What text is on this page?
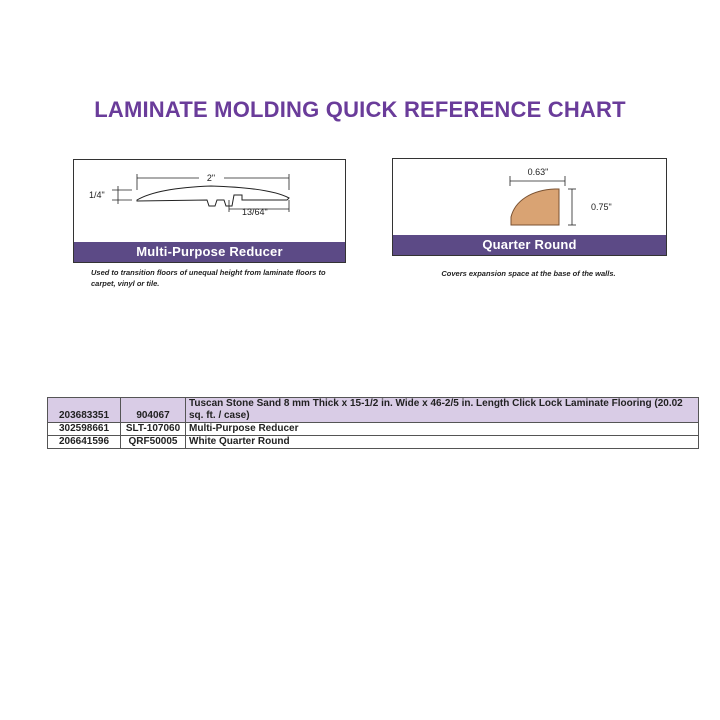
LAMINATE MOLDING QUICK REFERENCE CHART
2"
1/4"
13/64"
Multi-Purpose Reducer
Used to transition floors of unequal height from laminate floors to carpet, vinyl or tile.
0.63"
0.75"
Quarter Round
Covers expansion space at the base of the walls.
203683351	904067	Tuscan Stone Sand 8 mm Thick x 15-1/2 in. Wide x 46-2/5 in. Length Click Lock Laminate Flooring (20.02 sq. ft. / case)
302598661	SLT-107060	Multi-Purpose Reducer
206641596	QRF50005	White Quarter Round
